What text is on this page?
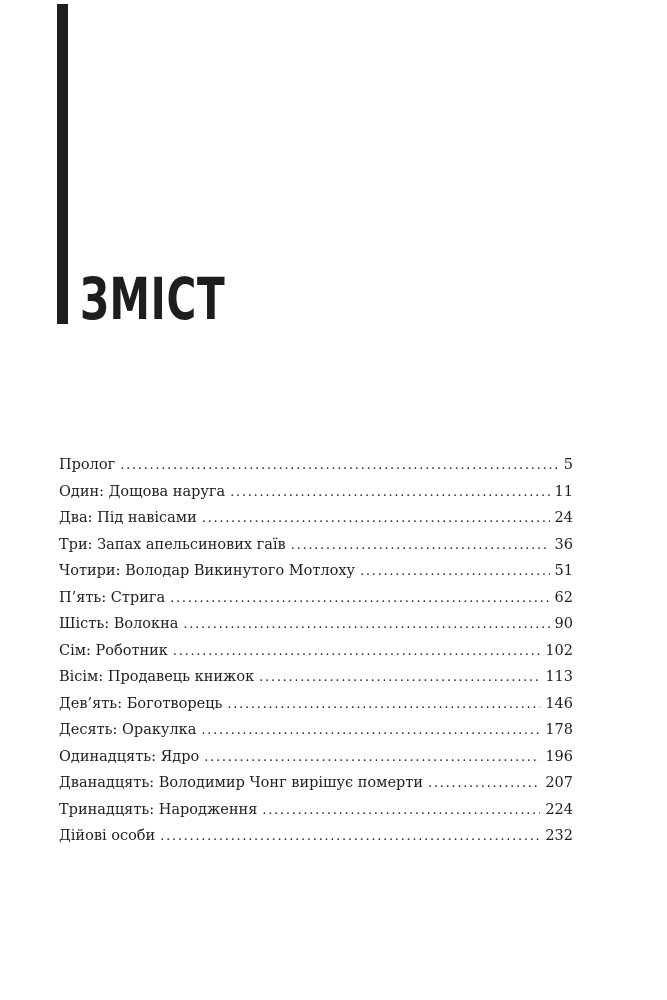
ЗМІСТ
Пролог . . .	5
Один: Дощова наруга . . .	11
Два: Під навісами . . .	24
Три: Запах апельсинових гаїв . . .	36
Чотири: Володар Викинутого Мотлоху . . .	51
П’ять: Стрига . . .	62
Шість: Волокна . . .	90
Сім: Роботник . . .	102
Вісім: Продавець книжок . . .	113
Дев’ять: Боготворець . . .	146
Десять: Оракулка . . .	178
Одинадцять: Ядро . . .	196
Дванадцять: Володимир Чонг вирішує померти . . .	207
Тринадцять: Народження . . .	224
Дійові особи . . .	232
